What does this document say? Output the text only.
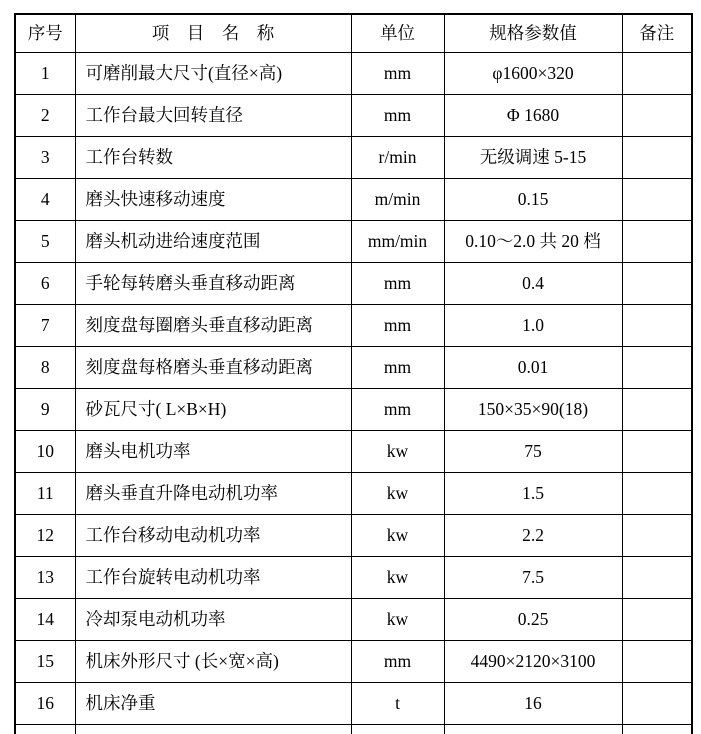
序号	项　目　名　称	单位	规格参数值	备注
1	可磨削最大尺寸(直径×高)	mm	φ1600×320	
2	工作台最大回转直径	mm	Φ 1680	
3	工作台转数	r/min	无级调速 5-15	
4	磨头快速移动速度	m/min	0.15	
5	磨头机动进给速度范围	mm/min	0.10～2.0 共 20 档	
6	手轮每转磨头垂直移动距离	mm	0.4	
7	刻度盘每圈磨头垂直移动距离	mm	1.0	
8	刻度盘每格磨头垂直移动距离	mm	0.01	
9	砂瓦尺寸( L×B×H)	mm	150×35×90(18)	
10	磨头电机功率	kw	75	
11	磨头垂直升降电动机功率	kw	1.5	
12	工作台移动电动机功率	kw	2.2	
13	工作台旋转电动机功率	kw	7.5	
14	冷却泵电动机功率	kw	0.25	
15	机床外形尺寸 (长×宽×高)	mm	4490×2120×3100	
16	机床净重	t	16	
